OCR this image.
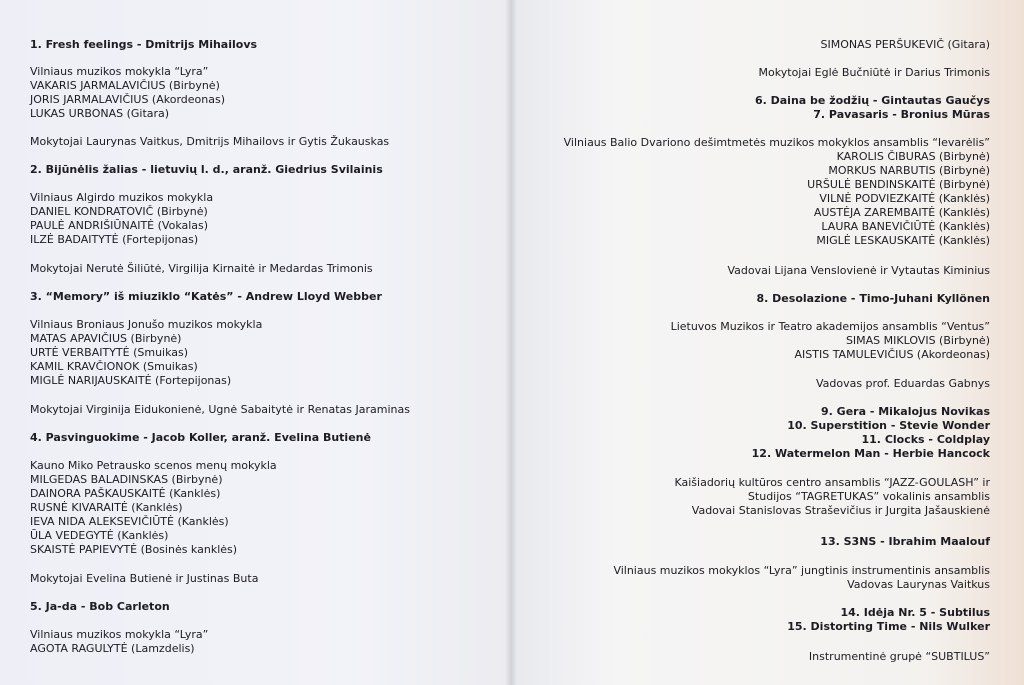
1. Fresh feelings - Dmitrijs Mihailovs
Vilniaus muzikos mokykla “Lyra”
VAKARIS JARMALAVIČIUS (Birbynė)
JORIS JARMALAVIČIUS (Akordeonas)
LUKAS URBONAS (Gitara)
Mokytojai Laurynas Vaitkus, Dmitrijs Mihailovs ir Gytis Žukauskas
2. Bijūnėlis žalias - lietuvių l. d., aranž. Giedrius Svilainis
Vilniaus Algirdo muzikos mokykla
DANIEL KONDRATOVIČ (Birbynė)
PAULĖ ANDRIŠIŪNAITĖ (Vokalas)
ILZĖ BADAITYTĖ (Fortepijonas)
Mokytojai Nerutė Šiliūtė, Virgilija Kirnaitė ir Medardas Trimonis
3. “Memory” iš miuziklo “Katės” - Andrew Lloyd Webber
Vilniaus Broniaus Jonušo muzikos mokykla
MATAS APAVIČIUS (Birbynė)
URTĖ VERBAITYTĖ (Smuikas)
KAMIL KRAVČIONOK (Smuikas)
MIGLĖ NARIJAUSKAITĖ (Fortepijonas)
Mokytojai Virginija Eidukonienė, Ugnė Sabaitytė ir Renatas Jaraminas
4. Pasvinguokime - Jacob Koller, aranž. Evelina Butienė
Kauno Miko Petrausko scenos menų mokykla
MILGEDAS BALADINSKAS (Birbynė)
DAINORA PAŠKAUSKAITĖ (Kanklės)
RUSNĖ KIVARAITĖ (Kanklės)
IEVA NIDA ALEKSEVIČIŪTĖ (Kanklės)
ŪLA VEDEGYTĖ (Kanklės)
SKAISTĖ PAPIEVYTĖ (Bosinės kanklės)
Mokytojai Evelina Butienė ir Justinas Buta
5. Ja-da - Bob Carleton
Vilniaus muzikos mokykla “Lyra”
AGOTA RAGULYTĖ (Lamzdelis)
SIMONAS PERŠUKEVIČ (Gitara)
Mokytojai Eglė Bučniūtė ir Darius Trimonis
6. Daina be žodžių - Gintautas Gaučys
7. Pavasaris - Bronius Mūras
Vilniaus Balio Dvariono dešimtmetės muzikos mokyklos ansamblis “Ievarėlis”
KAROLIS ČIBURAS (Birbynė)
MORKUS NARBUTIS (Birbynė)
URŠULĖ BENDINSKAITĖ (Birbynė)
VILNĖ PODVIEZKAITĖ (Kanklės)
AUSTĖJA ZAREMBAITĖ (Kanklės)
LAURA BANEVIČIŪTĖ (Kanklės)
MIGLĖ LESKAUSKAITĖ (Kanklės)
Vadovai Lijana Venslovienė ir Vytautas Kiminius
8. Desolazione - Timo-Juhani Kyllönen
Lietuvos Muzikos ir Teatro akademijos ansamblis “Ventus”
SIMAS MIKLOVIS (Birbynė)
AISTIS TAMULEVIČIUS (Akordeonas)
Vadovas prof. Eduardas Gabnys
9. Gera - Mikalojus Novikas
10. Superstition - Stevie Wonder
11. Clocks - Coldplay
12. Watermelon Man - Herbie Hancock
Kaišiadorių kultūros centro ansamblis “JAZZ-GOULASH” ir
Studijos “TAGRETUKAS” vokalinis ansamblis
Vadovai Stanislovas Straševičius ir Jurgita Jašauskienė
13. S3NS - Ibrahim Maalouf
Vilniaus muzikos mokyklos “Lyra” jungtinis instrumentinis ansamblis
Vadovas Laurynas Vaitkus
14. Idėja Nr. 5 - Subtilus
15. Distorting Time - Nils Wulker
Instrumentinė grupė “SUBTILUS”
